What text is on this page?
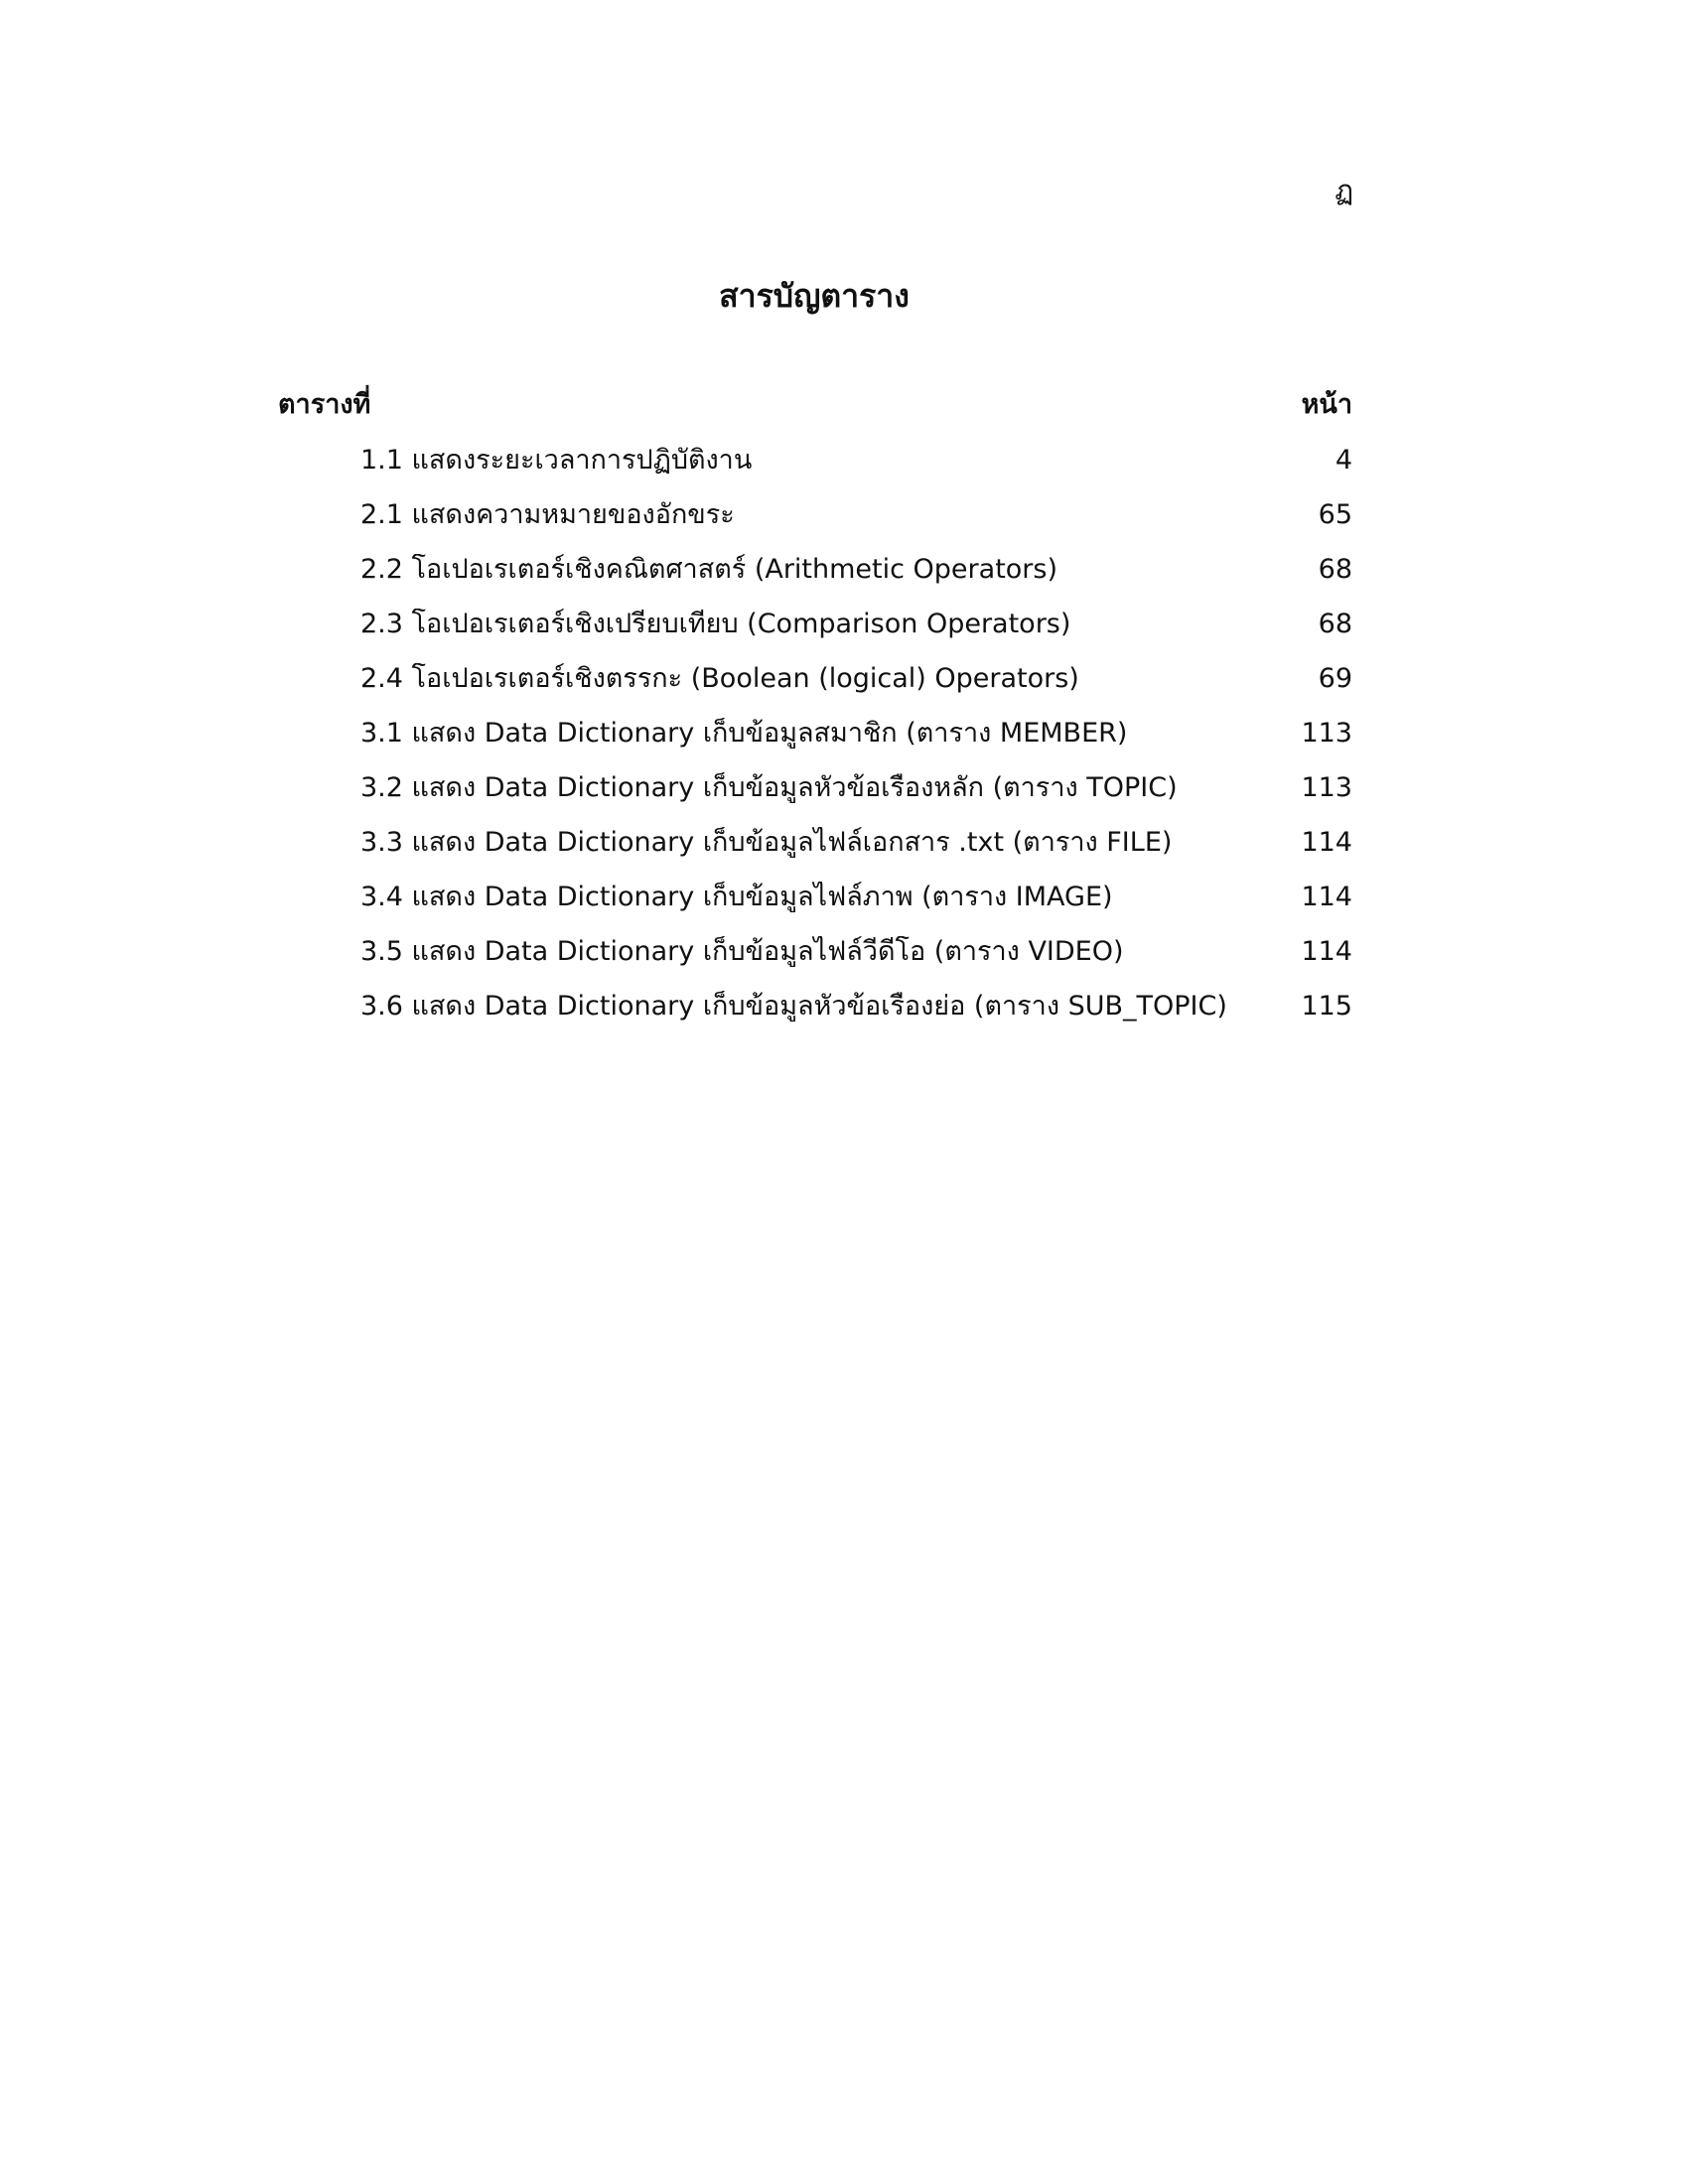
ฏ
สารบัญตาราง
ตารางที่	หน้า
1.1 แสดงระยะเวลาการปฏิบัติงาน	4
2.1 แสดงความหมายของอักขระ	65
2.2 โอเปอเรเตอร์เชิงคณิตศาสตร์ (Arithmetic Operators)	68
2.3 โอเปอเรเตอร์เชิงเปรียบเทียบ (Comparison Operators)	68
2.4 โอเปอเรเตอร์เชิงตรรกะ (Boolean (logical) Operators)	69
3.1 แสดง Data Dictionary เก็บข้อมูลสมาชิก (ตาราง MEMBER)	113
3.2 แสดง Data Dictionary เก็บข้อมูลหัวข้อเรื่องหลัก (ตาราง TOPIC)	113
3.3 แสดง Data Dictionary เก็บข้อมูลไฟล์เอกสาร .txt (ตาราง FILE)	114
3.4 แสดง Data Dictionary เก็บข้อมูลไฟล์ภาพ (ตาราง IMAGE)	114
3.5 แสดง Data Dictionary เก็บข้อมูลไฟล์วีดีโอ (ตาราง VIDEO)	114
3.6 แสดง Data Dictionary เก็บข้อมูลหัวข้อเรื่องย่อ (ตาราง SUB_TOPIC)	115
